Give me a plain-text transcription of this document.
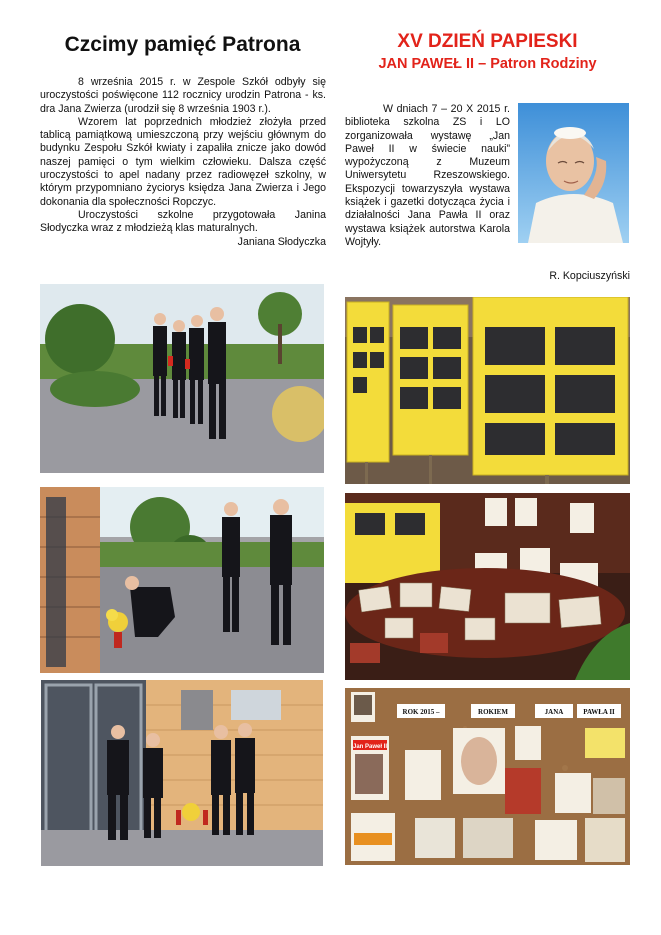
Czcimy pamięć Patrona	XV DZIEŃ PAPIESKI
JAN PAWEŁ II – Patron Rodziny

8 września 2015 r. w Zespole Szkół odbyły się uroczystości poświęcone 112 rocznicy urodzin Patrona - ks. dra Jana Zwierza (urodził się 8 września 1903 r.).

Wzorem lat poprzednich młodzież złożyła przed tablicą pamiątkową umieszczoną przy wejściu głównym do budynku Zespołu Szkół kwiaty i zapaliła znicze jako dowód naszej pamięci o tym wielkim człowieku. Dalsza część uroczystości to apel nadany przez radiowęzeł szkolny, w którym przypomniano życiorys księdza Jana Zwierza i Jego dokonania dla społeczności Ropczyc.

Uroczystości szkolne przygotowała Janina Słodyczka wraz z młodzieżą klas maturalnych.

Janiana Słodyczka

W dniach 7 – 20 X 2015 r. biblioteka szkolna ZS i LO zorganizowała wystawę „Jan Paweł II w świecie nauki” wypożyczoną z Muzeum Uniwersytetu Rzeszowskiego. Ekspozycji towarzyszyła wystawa książek i gazetki dotycząca życia i działalności Jana Pawła II oraz wystawa książek autorstwa Karola Wojtyły.

R. Kopciuszyński
ROK 2015 –	ROKIEM	JANA	PAWŁA II
Jan Paweł II
